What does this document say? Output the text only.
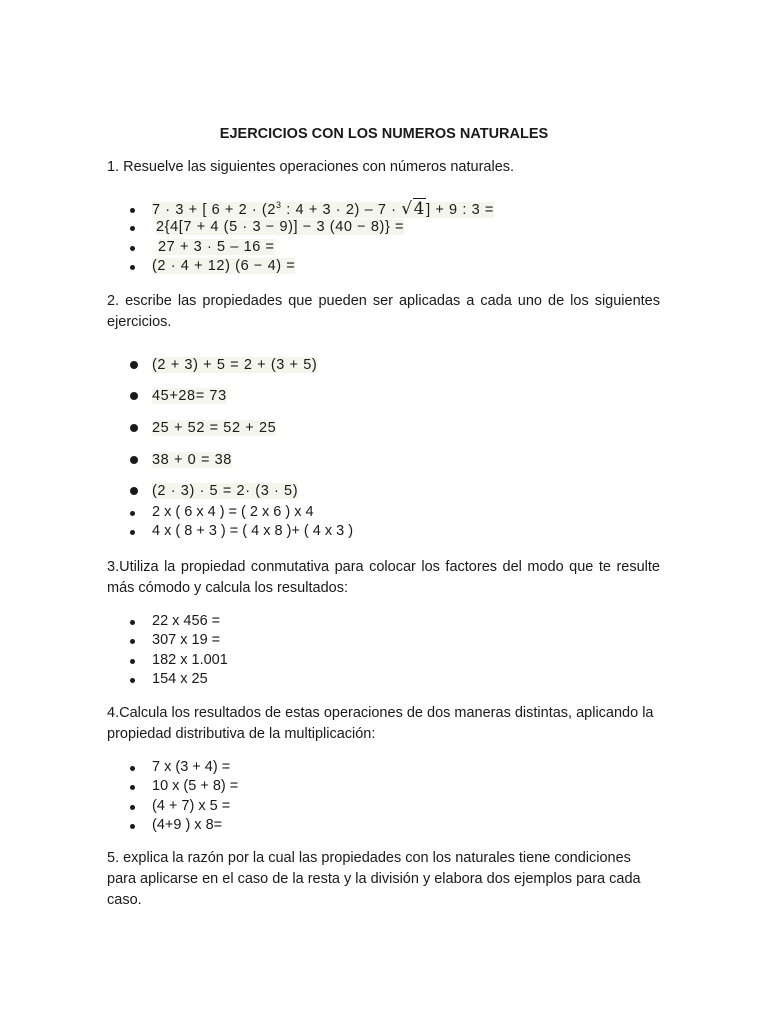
EJERCICIOS CON LOS NUMEROS NATURALES
1. Resuelve las siguientes operaciones con números naturales.
7 · 3 + [ $6 + 2 \cdot (2^3$ : 4 + 3 · 2) – 7 · √4] + 9 : 3 =
2{4[7 + 4 (5 · 3 − 9)] − 3 (40 − 8)} =
27 + 3 · 5 – 16 =
(2 · 4 + 12) (6 − 4) =
2. escribe las propiedades que pueden ser aplicadas a cada uno de los siguientes ejercicios.
(2 + 3) + 5 = 2 + (3 + 5)
45+28= 73
25 + 52 = 52 + 25
38 + 0 = 38
(2 · 3) · 5 = 2· (3 · 5)
2 x ( 6 x 4 ) = ( 2 x 6 ) x 4
4 x ( 8 + 3 ) = ( 4 x 8 )+ ( 4 x 3 )
3.Utiliza la propiedad conmutativa para colocar los factores del modo que te resulte más cómodo y calcula los resultados:
22 x 456 =
307 x 19 =
182 x 1.001
154 x 25
4.Calcula los resultados de estas operaciones de dos maneras distintas, aplicando la propiedad distributiva de la multiplicación:
7 x (3 + 4) =
10 x (5 + 8) =
(4 + 7) x 5 =
(4+9 ) x 8=
5. explica la razón por la cual las propiedades con los naturales tiene condiciones para aplicarse en el caso de la resta y la división y elabora dos ejemplos para cada caso.
